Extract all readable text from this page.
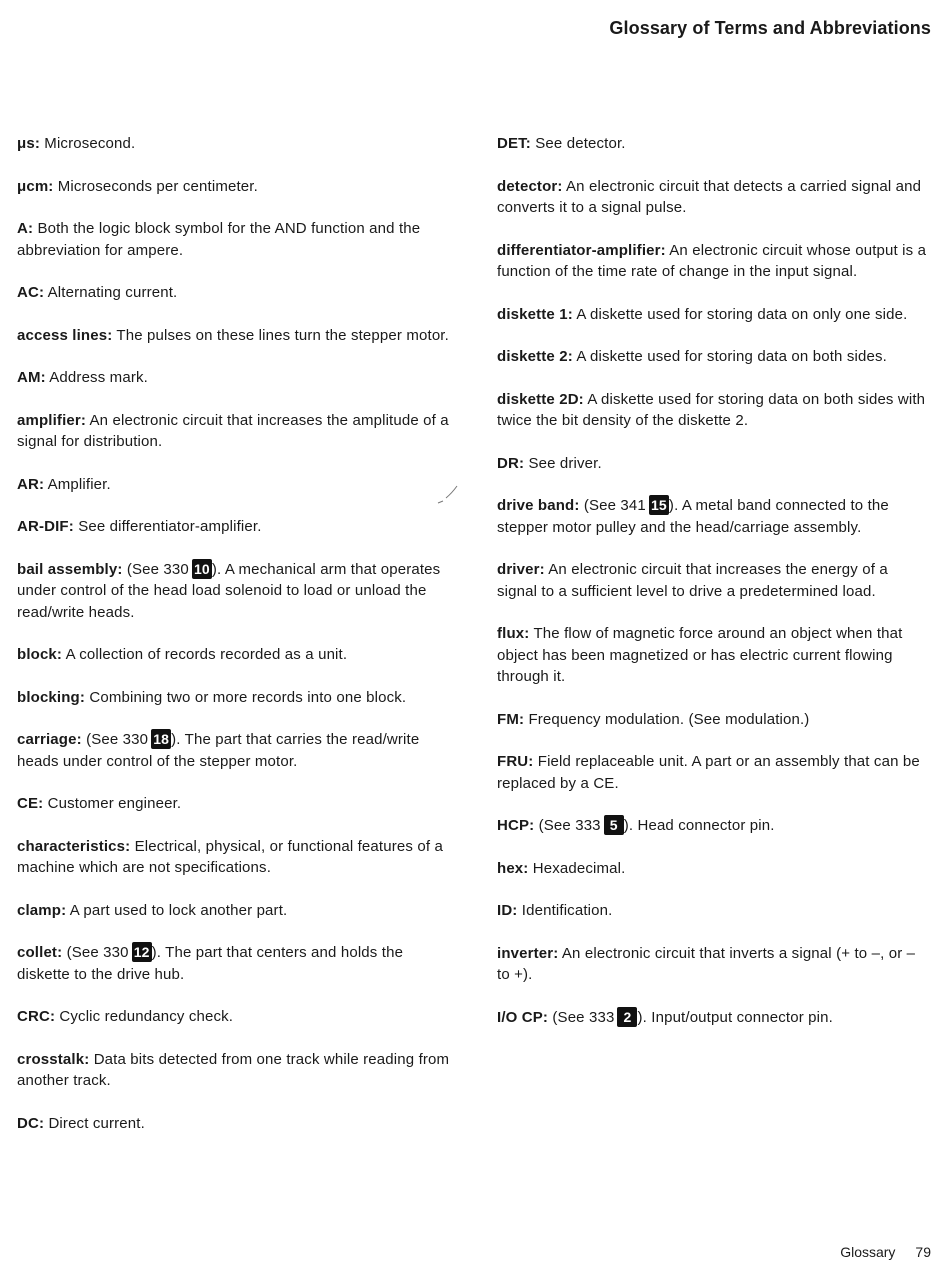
Glossary of Terms and Abbreviations

μs: Microsecond.

μcm: Microseconds per centimeter.

A: Both the logic block symbol for the AND function and the abbreviation for ampere.

AC: Alternating current.

access lines: The pulses on these lines turn the stepper motor.

AM: Address mark.

amplifier: An electronic circuit that increases the amplitude of a signal for distribution.

AR: Amplifier.

AR-DIF: See differentiator-amplifier.

bail assembly: (See 330 10 ). A mechanical arm that operates under control of the head load solenoid to load or unload the read/write heads.

block: A collection of records recorded as a unit.

blocking: Combining two or more records into one block.

carriage: (See 330 18 ). The part that carries the read/write heads under control of the stepper motor.

CE: Customer engineer.

characteristics: Electrical, physical, or functional features of a machine which are not specifications.

clamp: A part used to lock another part.

collet: (See 330 12 ). The part that centers and holds the diskette to the drive hub.

CRC: Cyclic redundancy check.

crosstalk: Data bits detected from one track while reading from another track.

DC: Direct current.

DET: See detector.

detector: An electronic circuit that detects a carried signal and converts it to a signal pulse.

differentiator-amplifier: An electronic circuit whose output is a function of the time rate of change in the input signal.

diskette 1: A diskette used for storing data on only one side.

diskette 2: A diskette used for storing data on both sides.

diskette 2D: A diskette used for storing data on both sides with twice the bit density of the diskette 2.

DR: See driver.

drive band: (See 341 15 ). A metal band connected to the stepper motor pulley and the head/carriage assembly.

driver: An electronic circuit that increases the energy of a signal to a sufficient level to drive a predetermined load.

flux: The flow of magnetic force around an object when that object has been magnetized or has electric current flowing through it.

FM: Frequency modulation. (See modulation.)

FRU: Field replaceable unit. A part or an assembly that can be replaced by a CE.

HCP: (See 333 5 ). Head connector pin.

hex: Hexadecimal.

ID: Identification.

inverter: An electronic circuit that inverts a signal (+ to –, or – to +).

I/O CP: (See 333 2 ). Input/output connector pin.

Glossary 79
